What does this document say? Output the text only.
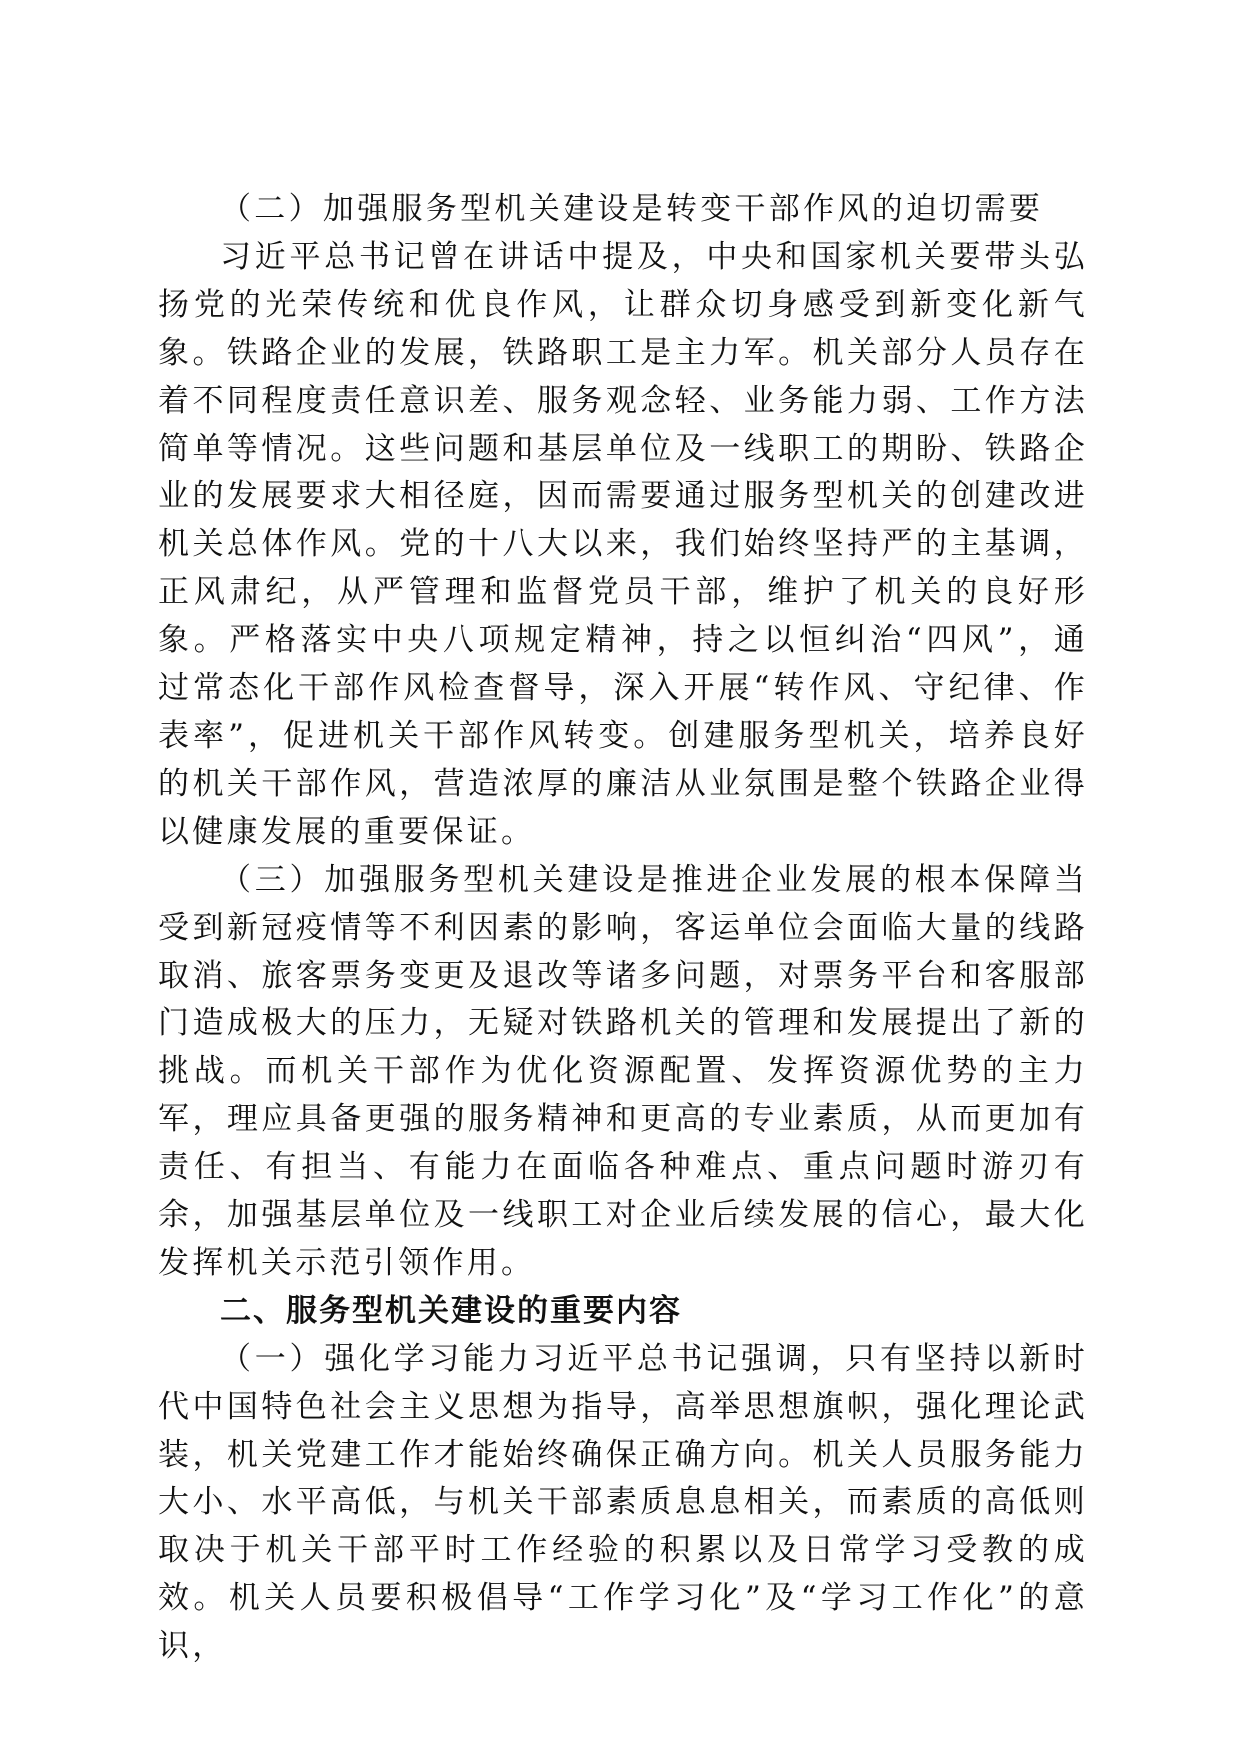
（二）加强服务型机关建设是转变干部作风的迫切需要

习近平总书记曾在讲话中提及，中央和国家机关要带头弘扬党的光荣传统和优良作风，让群众切身感受到新变化新气象。铁路企业的发展，铁路职工是主力军。机关部分人员存在着不同程度责任意识差、服务观念轻、业务能力弱、工作方法简单等情况。这些问题和基层单位及一线职工的期盼、铁路企业的发展要求大相径庭，因而需要通过服务型机关的创建改进机关总体作风。党的十八大以来，我们始终坚持严的主基调，正风肃纪，从严管理和监督党员干部，维护了机关的良好形象。严格落实中央八项规定精神，持之以恒纠治“四风”，通过常态化干部作风检查督导，深入开展“转作风、守纪律、作表率”，促进机关干部作风转变。创建服务型机关，培养良好的机关干部作风，营造浓厚的廉洁从业氛围是整个铁路企业得以健康发展的重要保证。

（三）加强服务型机关建设是推进企业发展的根本保障当受到新冠疫情等不利因素的影响，客运单位会面临大量的线路取消、旅客票务变更及退改等诸多问题，对票务平台和客服部门造成极大的压力，无疑对铁路机关的管理和发展提出了新的挑战。而机关干部作为优化资源配置、发挥资源优势的主力军，理应具备更强的服务精神和更高的专业素质，从而更加有责任、有担当、有能力在面临各种难点、重点问题时游刃有余，加强基层单位及一线职工对企业后续发展的信心，最大化发挥机关示范引领作用。

二、服务型机关建设的重要内容

（一）强化学习能力习近平总书记强调，只有坚持以新时代中国特色社会主义思想为指导，高举思想旗帜，强化理论武装，机关党建工作才能始终确保正确方向。机关人员服务能力大小、水平高低，与机关干部素质息息相关，而素质的高低则取决于机关干部平时工作经验的积累以及日常学习受教的成效。机关人员要积极倡导“工作学习化”及“学习工作化”的意识，
